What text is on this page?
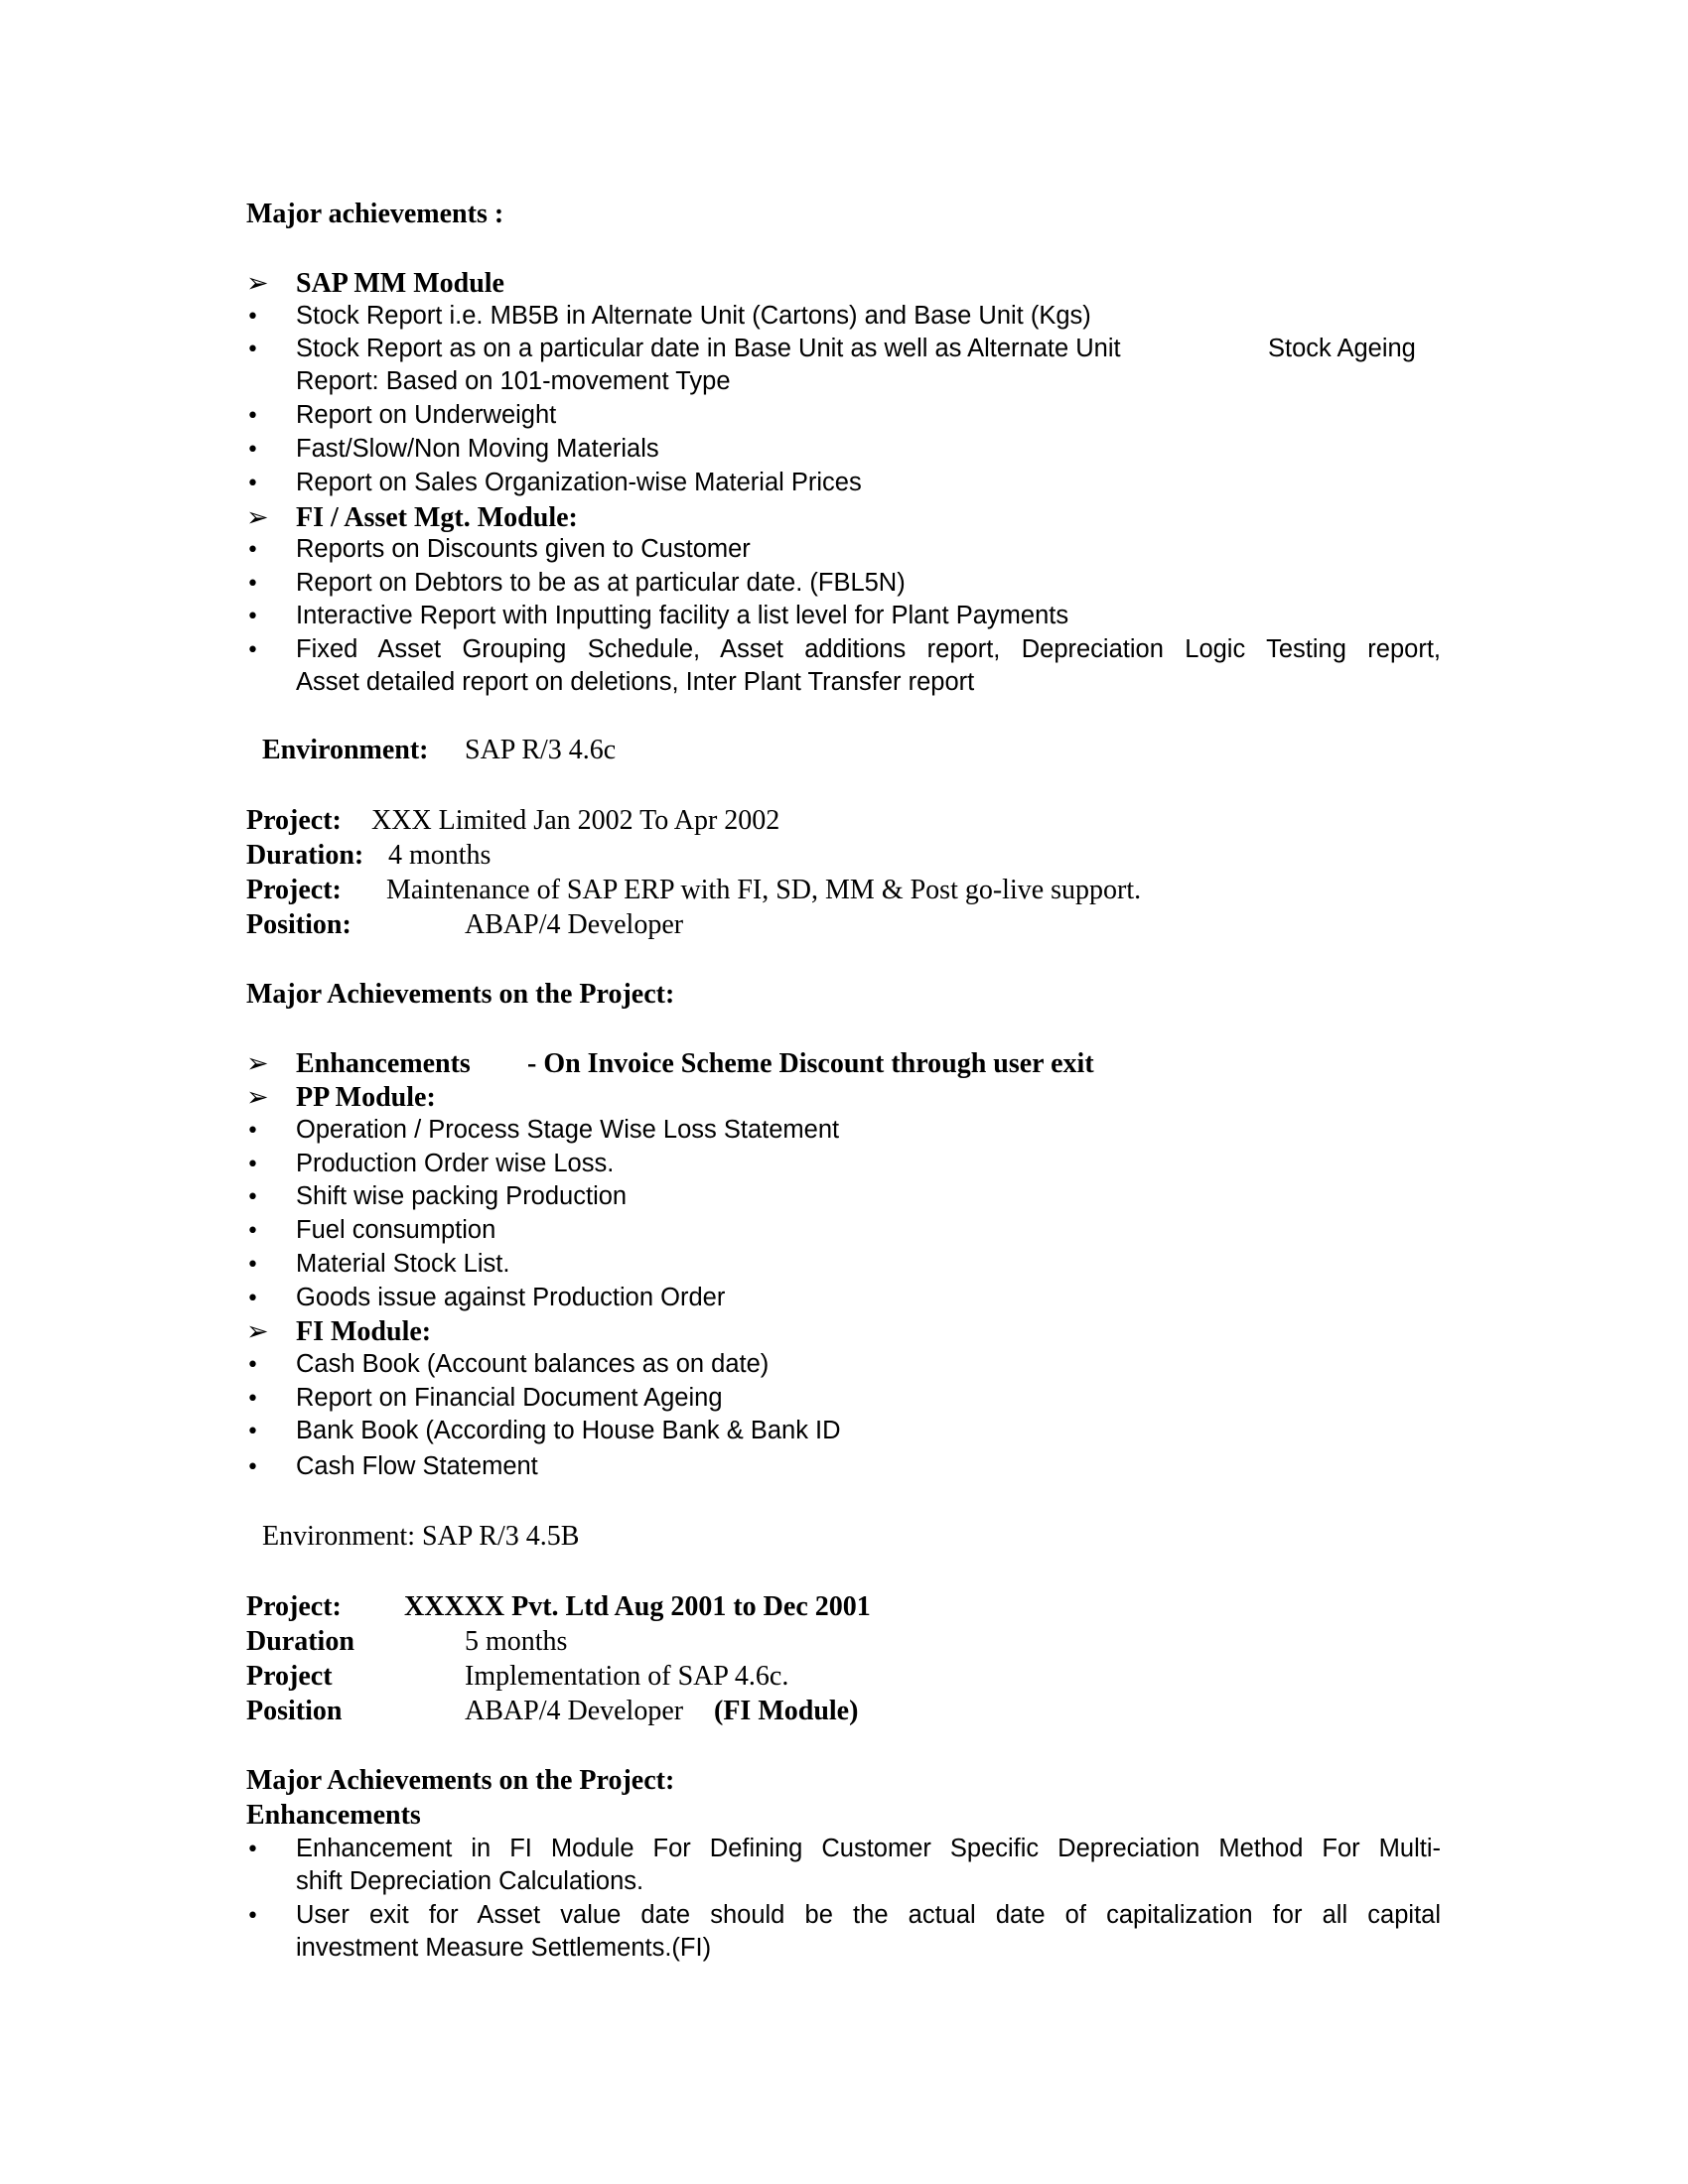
Major achievements :
➢ SAP MM Module
• Stock Report i.e. MB5B in Alternate Unit (Cartons) and Base Unit (Kgs)
• Stock Report as on a particular date in Base Unit as well as Alternate Unit	Stock Ageing
Report: Based on 101-movement Type
• Report on Underweight
• Fast/Slow/Non Moving Materials
• Report on Sales Organization-wise Material Prices
➢ FI / Asset Mgt. Module:
• Reports on Discounts given to Customer
• Report on Debtors to be as at particular date. (FBL5N)
• Interactive Report with Inputting facility a list level for Plant Payments
• Fixed Asset Grouping Schedule, Asset additions report, Depreciation Logic Testing report,
Asset detailed report on deletions, Inter Plant Transfer report
Environment: SAP R/3 4.6c
Project: XXX Limited Jan 2002 To Apr 2002
Duration: 4 months
Project: Maintenance of SAP ERP with FI, SD, MM & Post go-live support.
Position:	ABAP/4 Developer
Major Achievements on the Project:
➢ Enhancements - On Invoice Scheme Discount through user exit
➢ PP Module:
• Operation / Process Stage Wise Loss Statement
• Production Order wise Loss.
• Shift wise packing Production
• Fuel consumption
• Material Stock List.
• Goods issue against Production Order
➢ FI Module:
• Cash Book (Account balances as on date)
• Report on Financial Document Ageing
• Bank Book (According to House Bank & Bank ID
• Cash Flow Statement
Environment: SAP R/3 4.5B
Project: XXXXX Pvt. Ltd Aug 2001 to Dec 2001
Duration	5 months
Project	Implementation of SAP 4.6c.
Position	ABAP/4 Developer (FI Module)
Major Achievements on the Project:
Enhancements
• Enhancement in FI Module For Defining Customer Specific Depreciation Method For Multi-
shift Depreciation Calculations.
• User exit for Asset value date should be the actual date of capitalization for all capital
investment Measure Settlements.(FI)
